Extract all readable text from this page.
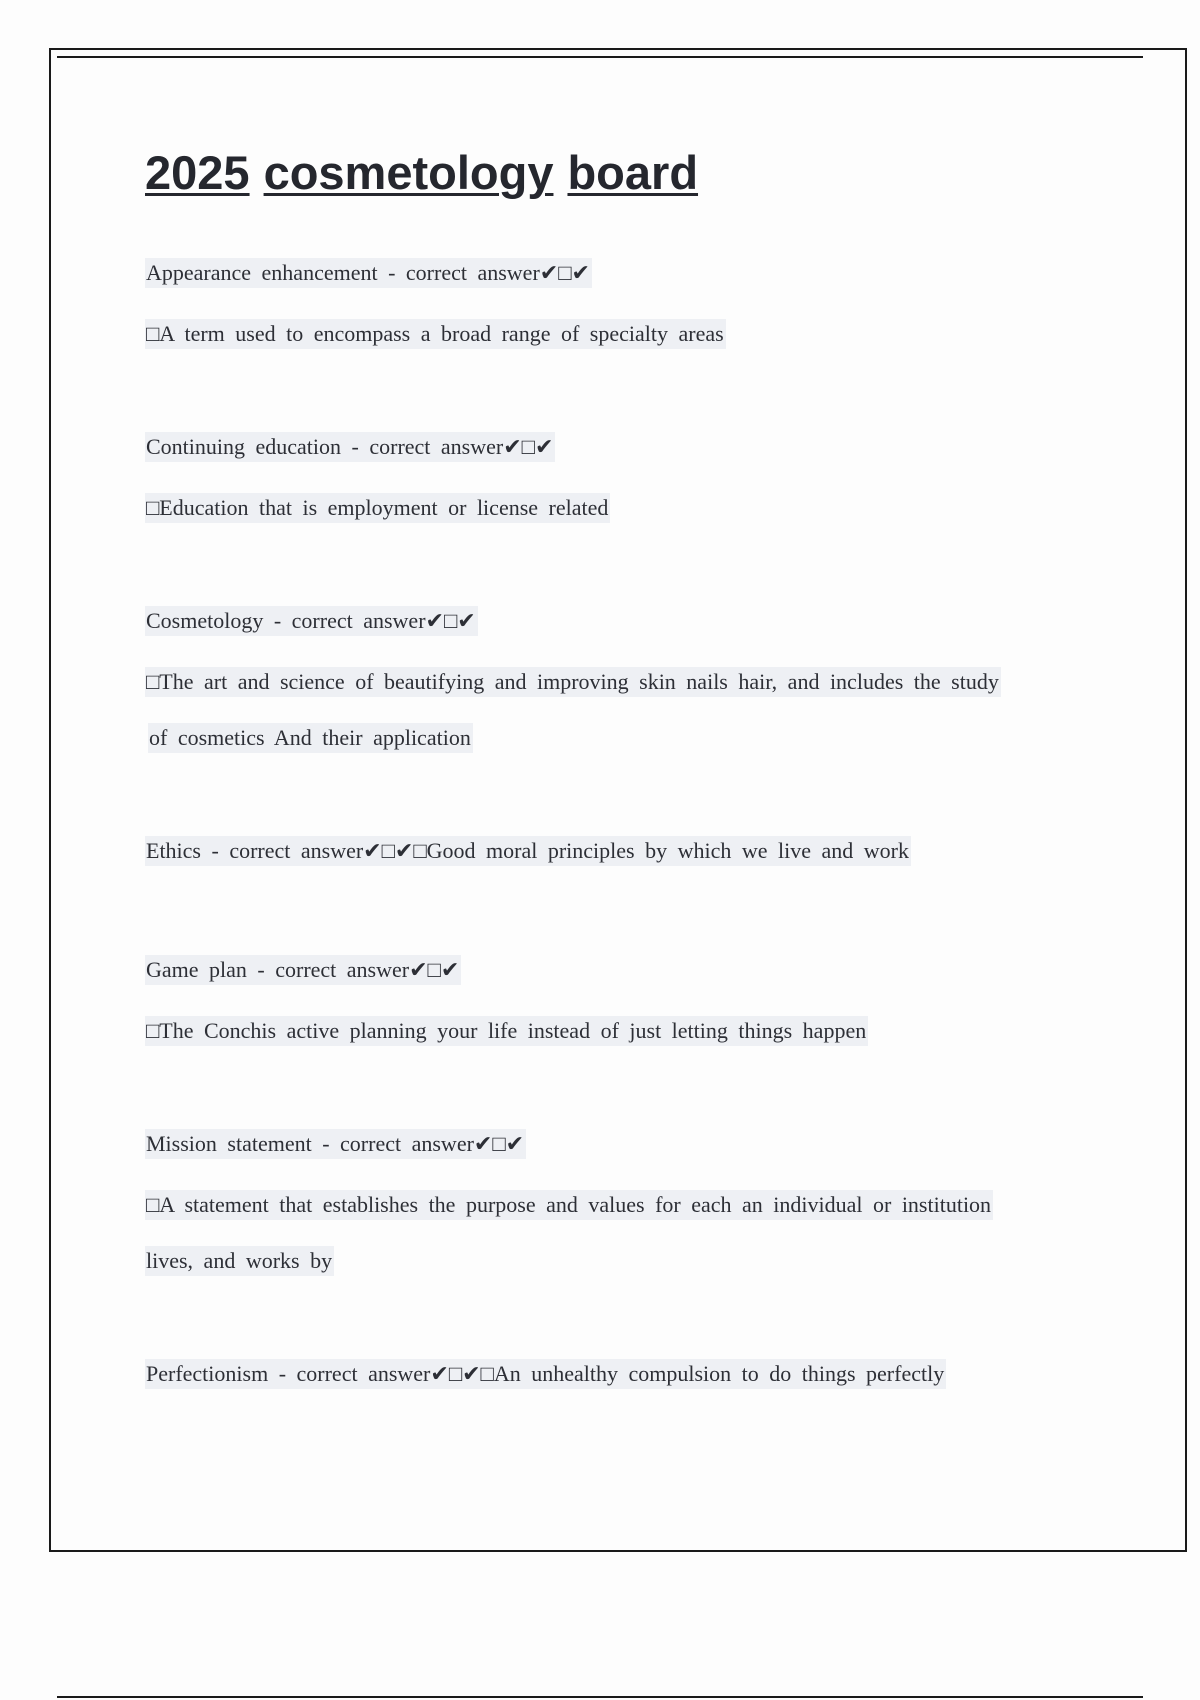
2025 cosmetology board
Appearance enhancement - correct answer✔□✔
□A term used to encompass a broad range of specialty areas
Continuing education - correct answer✔□✔
□Education that is employment or license related
Cosmetology - correct answer✔□✔
□The art and science of beautifying and improving skin nails hair, and includes the study
of cosmetics And their application
Ethics - correct answer✔□✔□Good moral principles by which we live and work
Game plan - correct answer✔□✔
□The Conchis active planning your life instead of just letting things happen
Mission statement - correct answer✔□✔
□A statement that establishes the purpose and values for each an individual or institution
lives, and works by
Perfectionism - correct answer✔□✔□An unhealthy compulsion to do things perfectly
